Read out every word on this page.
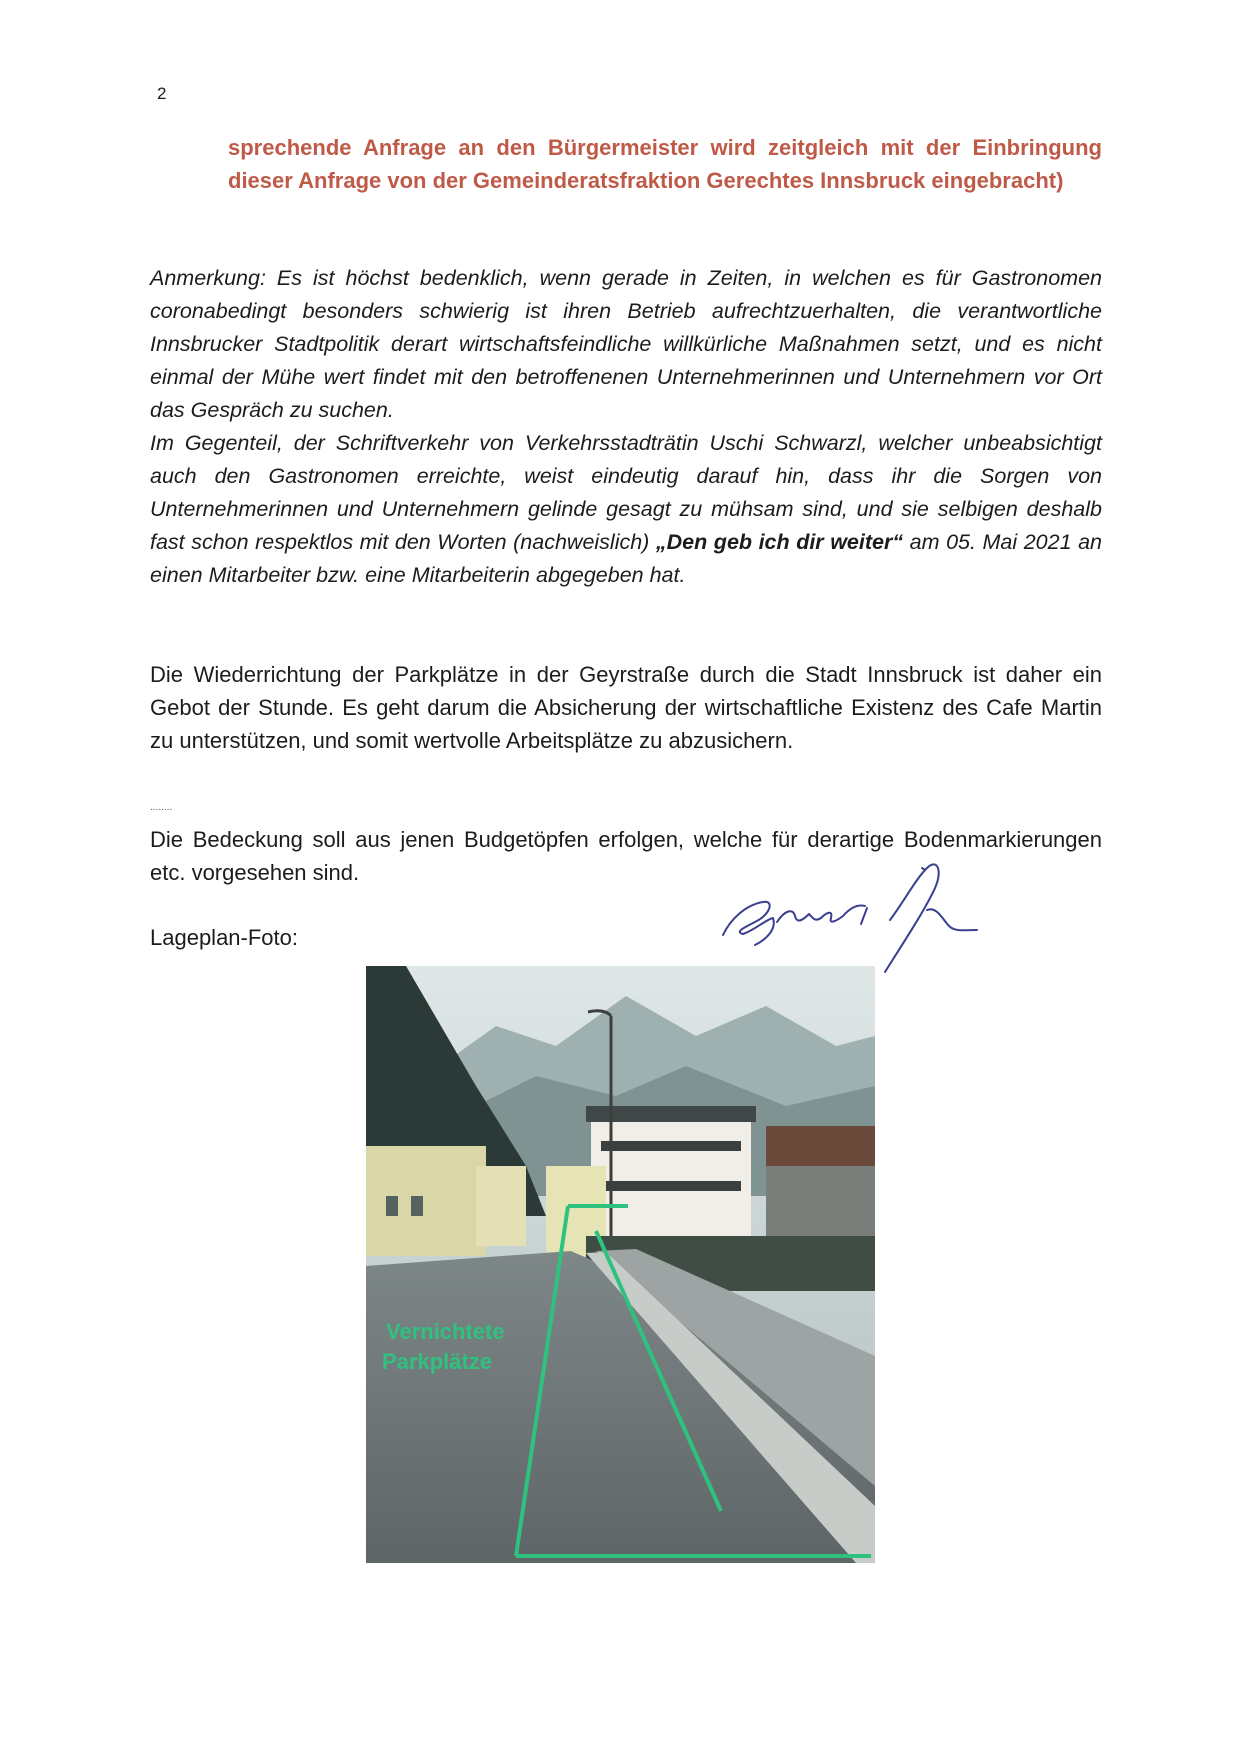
2
sprechende Anfrage an den Bürgermeister wird zeitgleich mit der Einbringung dieser Anfrage von der Gemeinderatsfraktion Gerechtes Innsbruck eingebracht)

Anmerkung: Es ist höchst bedenklich, wenn gerade in Zeiten, in welchen es für Gastronomen coronabedingt besonders schwierig ist ihren Betrieb aufrechtzuerhalten, die verantwortliche Innsbrucker Stadtpolitik derart wirtschaftsfeindliche willkürliche Maßnahmen setzt, und es nicht einmal der Mühe wert findet mit den betroffenenen Unternehmerinnen und Unternehmern vor Ort das Gespräch zu suchen.

Im Gegenteil, der Schriftverkehr von Verkehrsstadträtin Uschi Schwarzl, welcher unbeabsichtigt auch den Gastronomen erreichte, weist eindeutig darauf hin, dass ihr die Sorgen von Unternehmerinnen und Unternehmern gelinde gesagt zu mühsam sind, und sie selbigen deshalb fast schon respektlos mit den Worten (nachweislich) „Den geb ich dir weiter“ am 05. Mai 2021 an einen Mitarbeiter bzw. eine Mitarbeiterin abgegeben hat.

Die Wiederrichtung der Parkplätze in der Geyrstraße durch die Stadt Innsbruck ist daher ein Gebot der Stunde. Es geht darum die Absicherung der wirtschaftliche Existenz des Cafe Martin zu unterstützen, und somit wertvolle Arbeitsplätze zu abzusichern.
........
Die Bedeckung soll aus jenen Budgetöpfen erfolgen, welche für derartige Bodenmarkierungen etc. vorgesehen sind.
Lageplan-Foto:
Vernichtete
Parkplätze
